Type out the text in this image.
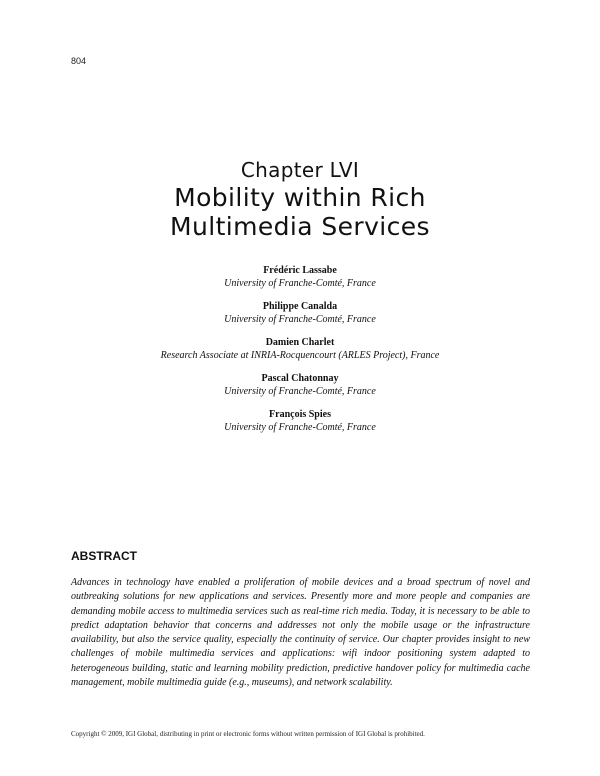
804
Chapter LVI
Mobility within Rich
Multimedia Services
Frédéric Lassabe
University of Franche-Comté, France
Philippe Canalda
University of Franche-Comté, France
Damien Charlet
Research Associate at INRIA-Rocquencourt (ARLES Project), France
Pascal Chatonnay
University of Franche-Comté, France
François Spies
University of Franche-Comté, France
ABSTRACT

Advances in technology have enabled a proliferation of mobile devices and a broad spectrum of novel and outbreaking solutions for new applications and services. Presently more and more people and companies are demanding mobile access to multimedia services such as real-time rich media. Today, it is necessary to be able to predict adaptation behavior that concerns and addresses not only the mobile usage or the infrastructure availability, but also the service quality, especially the continuity of service. Our chapter provides insight to new challenges of mobile multimedia services and applications: wifi indoor positioning system adapted to heterogeneous building, static and learning mobility prediction, predictive handover policy for multimedia cache management, mobile multimedia guide (e.g., museums), and network scalability.

Copyright © 2009, IGI Global, distributing in print or electronic forms without written permission of IGI Global is prohibited.
